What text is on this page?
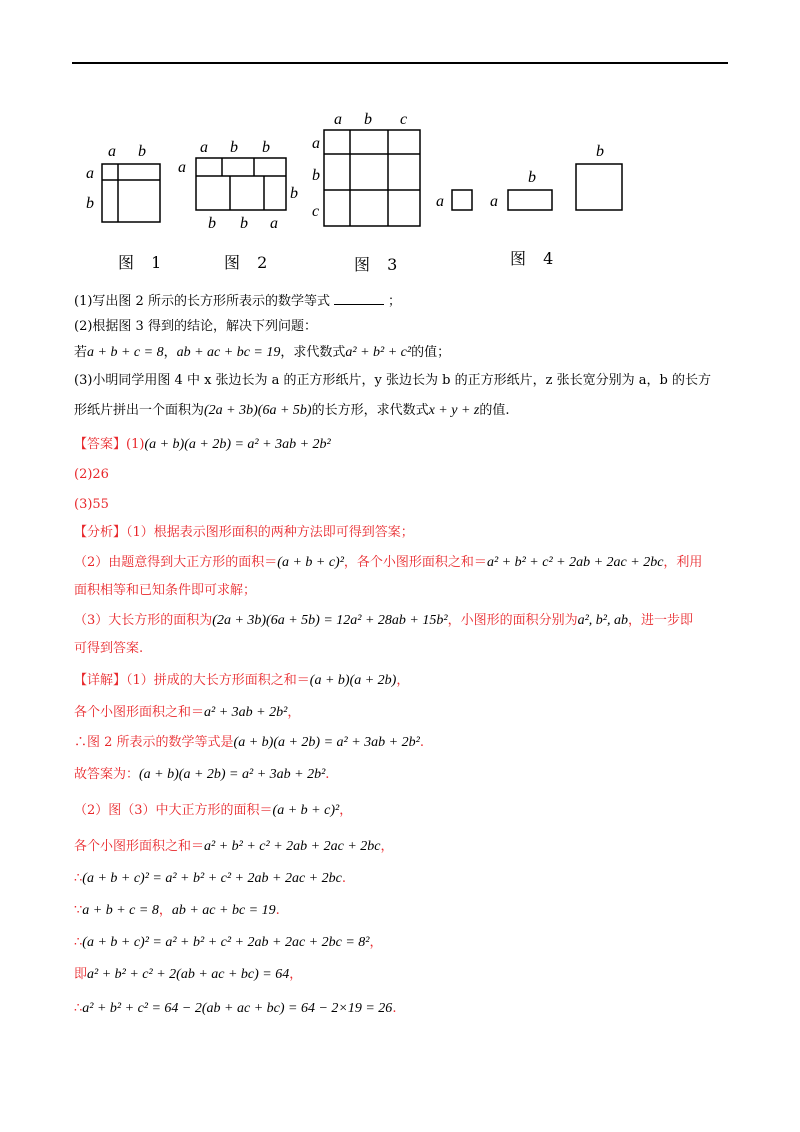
a b
a
b
图 1
a b b
a
b
b b a
图 2
a b c
a
b
c
图 3
a	a
b
b
图 4
(1)写出图 2 所示的长方形所表示的数学等式	；
(2)根据图 3 得到的结论，解决下列问题：
若a + b + c = 8，ab + ac + bc = 19，求代数式a² + b² + c²的值；
(3)小明同学用图 4 中 x 张边长为 a 的正方形纸片，y 张边长为 b 的正方形纸片，z 张长宽分别为 a，b 的长方
形纸片拼出一个面积为(2a + 3b)(6a + 5b)的长方形，求代数式x + y + z的值.
【答案】(1)(a + b)(a + 2b) = a² + 3ab + 2b²
(2)26
(3)55
【分析】（1）根据表示图形面积的两种方法即可得到答案；
（2）由题意得到大正方形的面积＝(a + b + c)²，各个小图形面积之和＝a² + b² + c² + 2ab + 2ac + 2bc，利用
面积相等和已知条件即可求解；
（3）大长方形的面积为(2a + 3b)(6a + 5b) = 12a² + 28ab + 15b²，小图形的面积分别为a², b², ab，进一步即
可得到答案.
【详解】（1）拼成的大长方形面积之和＝(a + b)(a + 2b)，
各个小图形面积之和＝a² + 3ab + 2b²，
∴图 2 所表示的数学等式是(a + b)(a + 2b) = a² + 3ab + 2b².
故答案为：(a + b)(a + 2b) = a² + 3ab + 2b².
（2）图（3）中大正方形的面积＝(a + b + c)²，
各个小图形面积之和＝a² + b² + c² + 2ab + 2ac + 2bc，
∴(a + b + c)² = a² + b² + c² + 2ab + 2ac + 2bc.
∵a + b + c = 8，ab + ac + bc = 19.
∴(a + b + c)² = a² + b² + c² + 2ab + 2ac + 2bc = 8²，
即a² + b² + c² + 2(ab + ac + bc) = 64，
∴a² + b² + c² = 64 − 2(ab + ac + bc) = 64 − 2×19 = 26.
